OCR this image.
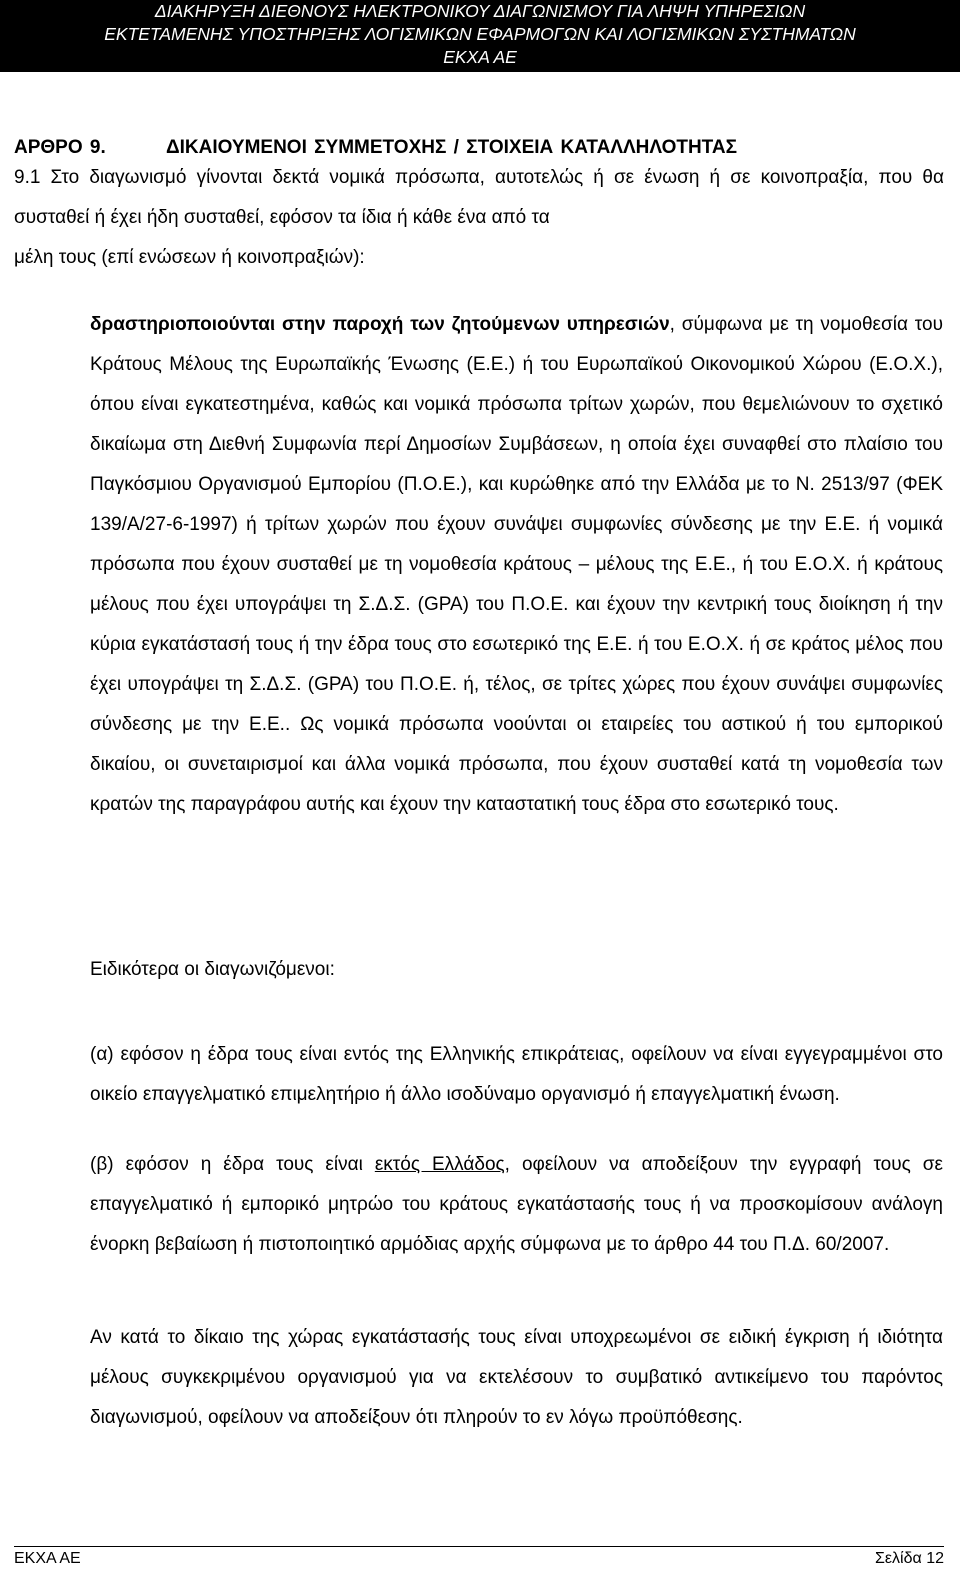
ΔΙΑΚΗΡΥΞΗ ΔΙΕΘΝΟΥΣ ΗΛΕΚΤΡΟΝΙΚΟΥ ΔΙΑΓΩΝΙΣΜΟΥ ΓΙΑ ΛΗΨΗ ΥΠΗΡΕΣΙΩΝ
ΕΚΤΕΤΑΜΕΝΗΣ ΥΠΟΣΤΗΡΙΞΗΣ ΛΟΓΙΣΜΙΚΩΝ ΕΦΑΡΜΟΓΩΝ ΚΑΙ ΛΟΓΙΣΜΙΚΩΝ ΣΥΣΤΗΜΑΤΩΝ
ΕΚΧΑ ΑΕ
ΑΡΘΡΟ 9.	ΔΙΚΑΙΟΥΜΕΝΟΙ ΣΥΜΜΕΤΟΧΗΣ / ΣΤΟΙΧΕΙΑ ΚΑΤΑΛΛΗΛΟΤΗΤΑΣ
9.1 Στο διαγωνισμό γίνονται δεκτά νομικά πρόσωπα, αυτοτελώς ή σε ένωση ή σε κοινοπραξία, που θα συσταθεί ή έχει ήδη συσταθεί, εφόσον τα ίδια ή κάθε ένα από τα
μέλη τους (επί ενώσεων ή κοινοπραξιών):
δραστηριοποιούνται στην παροχή των ζητούμενων υπηρεσιών, σύμφωνα με τη νομοθεσία του Κράτους Μέλους της Ευρωπαϊκής Ένωσης (Ε.Ε.) ή του Ευρωπαϊκού Οικονομικού Χώρου (Ε.Ο.Χ.), όπου είναι εγκατεστημένα, καθώς και νομικά πρόσωπα τρίτων χωρών, που θεμελιώνουν το σχετικό δικαίωμα στη Διεθνή Συμφωνία περί Δημοσίων Συμβάσεων, η οποία έχει συναφθεί στο πλαίσιο του Παγκόσμιου Οργανισμού Εμπορίου (Π.Ο.Ε.), και κυρώθηκε από την Ελλάδα με το Ν. 2513/97 (ΦΕΚ 139/Α/27-6-1997) ή τρίτων χωρών που έχουν συνάψει συμφωνίες σύνδεσης με την Ε.Ε. ή νομικά πρόσωπα που έχουν συσταθεί με τη νομοθεσία κράτους – μέλους της Ε.Ε., ή του Ε.Ο.Χ. ή κράτους μέλους που έχει υπογράψει τη Σ.Δ.Σ. (GPA) του Π.Ο.Ε. και έχουν την κεντρική τους διοίκηση ή την κύρια εγκατάστασή τους ή την έδρα τους στο εσωτερικό της Ε.Ε. ή του Ε.Ο.Χ. ή σε κράτος μέλος που έχει υπογράψει τη Σ.Δ.Σ. (GPA) του Π.Ο.Ε. ή, τέλος, σε τρίτες χώρες που έχουν συνάψει συμφωνίες σύνδεσης με την Ε.Ε.. Ως νομικά πρόσωπα νοούνται οι εταιρείες του αστικού ή του εμπορικού δικαίου, οι συνεταιρισμοί και άλλα νομικά πρόσωπα, που έχουν συσταθεί κατά τη νομοθεσία των κρατών της παραγράφου αυτής και έχουν την καταστατική τους έδρα στο εσωτερικό τους.
Ειδικότερα οι διαγωνιζόμενοι:
(α) εφόσον η έδρα τους είναι εντός της Ελληνικής επικράτειας, οφείλουν να είναι εγγεγραμμένοι στο οικείο επαγγελματικό επιμελητήριο ή άλλο ισοδύναμο οργανισμό ή επαγγελματική ένωση.
(β) εφόσον η έδρα τους είναι εκτός Ελλάδος, οφείλουν να αποδείξουν την εγγραφή τους σε επαγγελματικό ή εμπορικό μητρώο του κράτους εγκατάστασής τους ή να προσκομίσουν ανάλογη ένορκη βεβαίωση ή πιστοποιητικό αρμόδιας αρχής σύμφωνα με το άρθρο 44 του Π.Δ. 60/2007.
Αν κατά το δίκαιο της χώρας εγκατάστασής τους είναι υποχρεωμένοι σε ειδική έγκριση ή ιδιότητα μέλους συγκεκριμένου οργανισμού για να εκτελέσουν το συμβατικό αντικείμενο του παρόντος διαγωνισμού, οφείλουν να αποδείξουν ότι πληρούν το εν λόγω προϋπόθεσης.
ΕΚΧΑ ΑΕ	Σελίδα 12
